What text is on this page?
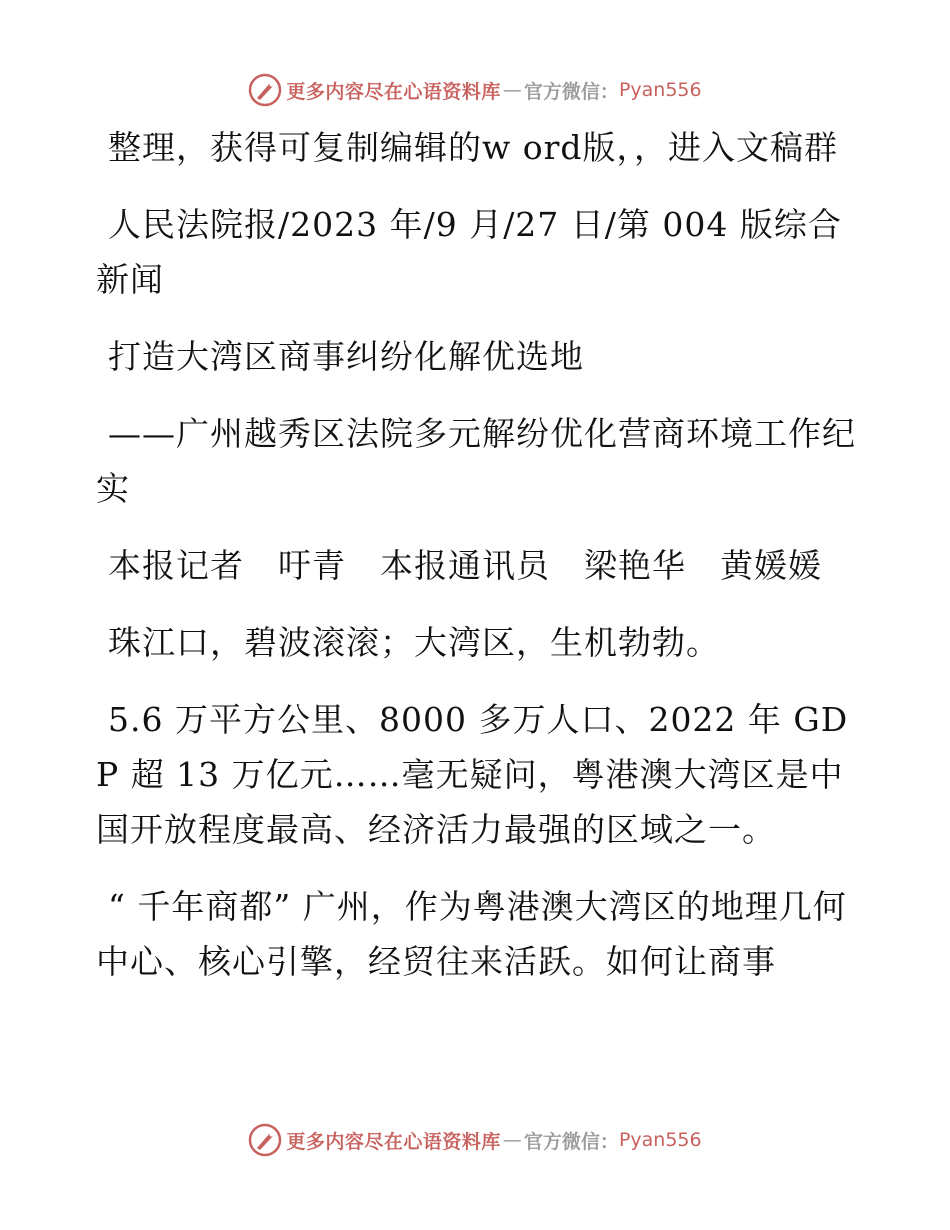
更多内容尽在心语资料库 — 官方微信： Pyan556

整理，获得可复制编辑的w ord版，，进入文稿群

人民法院报/2023 年/9 月/27 日/第 004 版综合新闻

打造大湾区商事纠纷化解优选地

——广州越秀区法院多元解纷优化营商环境工作纪实

本报记者　吁青　本报通讯员　梁艳华　黄媛媛

珠江口，碧波滚滚；大湾区，生机勃勃。

5.6 万平方公里、8000 多万人口、2022 年 GDP 超 13 万亿元……毫无疑问，粤港澳大湾区是中国开放程度最高、经济活力最强的区域之一。

“ 千年商都” 广州，作为粤港澳大湾区的地理几何中心、核心引擎，经贸往来活跃。如何让商事

更多内容尽在心语资料库 — 官方微信： Pyan556
